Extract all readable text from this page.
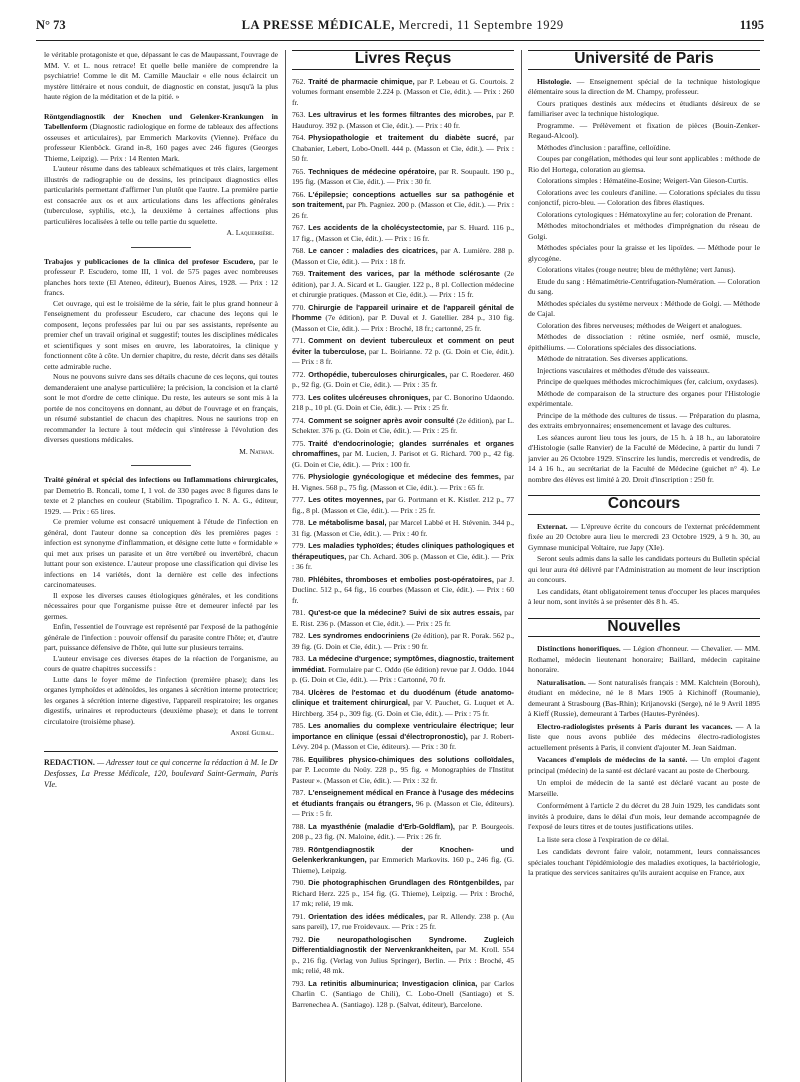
N° 73	LA PRESSE MÉDICALE, Mercredi, 11 Septembre 1929	1195

le véritable protagoniste et que, dépassant le cas de Maupassant, l'ouvrage de MM. V. et L. nous retrace! Et quelle belle manière de comprendre la psychiatrie! Comme le dit M. Camille Mauclair « elle nous éclaircit un mystère littéraire et nous conduit, de diagnostic en constat, jusqu'à la plus haute région de la méditation et de la pitié. »

Röntgendiagnostik der Knochen und Gelenker-Krankungen in Tabellenform (Diagnostic radiologique en forme de tableaux des affections osseuses et articulaires), par Emmerich Markovits (Vienne). Préface du professeur Kienböck. Grand in-8, 160 pages avec 246 figures (Georges Thieme, Leipzig). — Prix : 14 Renten Mark.

L'auteur résume dans des tableaux schématiques et très clairs, largement illustrés de radiographie ou de dessins, les principaux diagnostics elles particularités permettant d'affirmer l'un plutôt que l'autre. La première partie est consacrée aux os et aux articulations dans les affections générales (tuberculose, syphilis, etc.), la deuxième à certaines affections plus particulières localisées à telle ou telle partie du squelette.

A. Laquerrière.

Trabajos y publicaciones de la clinica del profesor Escudero, par le professeur P. Escudero, tome III, 1 vol. de 575 pages avec nombreuses planches hors texte (El Ateneo, éditeur), Buenos Aires, 1928. — Prix : 12 francs.

Cet ouvrage, qui est le troisième de la série, fait le plus grand honneur à l'enseignement du professeur Escudero, car chacune des leçons qui le composent, leçons professées par lui ou par ses assistants, représente au premier chef un travail original et suggestif; toutes les disciplines médicales et scientifiques y sont mises en œuvre, les laboratoires, la clinique y fonctionnent côte à côte. Un dernier chapitre, du reste, décrit dans ses détails cette admirable ruche.

Nous ne pouvons suivre dans ses détails chacune de ces leçons, qui toutes demanderaient une analyse particulière; la précision, la concision et la clarté sont le mot d'ordre de cette clinique. Du reste, les auteurs se sont mis à la portée de nos concitoyens en donnant, au début de l'ouvrage et en français, un résumé substantiel de chacun des chapitres. Nous ne saurions trop en recommander la lecture à tout médecin qui s'intéresse à l'évolution des diverses questions médicales.

M. Nathan.

Traité général et spécial des infections ou Inflammations chirurgicales, par Demetrio B. Roncali, tome I, 1 vol. de 330 pages avec 8 figures dans le texte et 2 planches en couleur (Stabilim. Tipografico I. N. A. G., éditeur, 1929. — Prix : 65 lires.

Ce premier volume est consacré uniquement à l'étude de l'infection en général, dont l'auteur donne sa conception dès les premières pages : infection est synonyme d'inflammation, et désigne cette lutte « formidable » qui met aux prises un parasite et un être vertébré ou invertébré, chacun luttant pour son existence. L'auteur propose une classification qui divise les infections en 14 variétés, dont la dernière est celle des infections carcinomateuses.

Il expose les diverses causes étiologiques générales, et les conditions nécessaires pour que l'organisme puisse être et demeurer infecté par les germes.

Enfin, l'essentiel de l'ouvrage est représenté par l'exposé de la pathogénie générale de l'infection : pouvoir offensif du parasite contre l'hôte; et, d'autre part, puissance défensive de l'hôte, qui lutte sur plusieurs terrains.

L'auteur envisage ces diverses étapes de la réaction de l'organisme, au cours de quatre chapitres successifs :

Lutte dans le foyer même de l'infection (première phase); dans les organes lymphoïdes et adénoïdes, les organes à sécrétion interne protectrice; les organes à sécrétion interne digestive, l'appareil respiratoire; les organes digestifs, urinaires et reproducteurs (deuxième phase); et dans le torrent circulatoire (troisième phase).

André Guibal.
REDACTION. — Adresser tout ce qui concerne la rédaction à M. le Dr Desfosses, La Presse Médicale, 120, boulevard Saint-Germain, Paris VIe.
Livres Reçus

762. Traité de pharmacie chimique, par P. Lebeau et G. Courtois. 2 volumes formant ensemble 2.224 p. (Masson et Cie, édit.). — Prix : 260 fr.

763. Les ultravirus et les formes filtrantes des microbes, par P. Hauduroy. 392 p. (Masson et Cie, édit.). — Prix : 40 fr.

764. Physiopathologie et traitement du diabète sucré, par Chabanier, Lebert, Lobo-Onell. 444 p. (Masson et Cie, édit.). — Prix : 50 fr.

765. Techniques de médecine opératoire, par R. Soupault. 190 p., 195 fig. (Masson et Cie, édit.). — Prix : 30 fr.

766. L'épilepsie; conceptions actuelles sur sa pathogénie et son traitement, par Ph. Pagniez. 200 p. (Masson et Cie, édit.). — Prix : 26 fr.

767. Les accidents de la cholécystectomie, par S. Huard. 116 p., 17 fig., (Masson et Cie, édit.). — Prix : 16 fr.

768. Le cancer : maladies des cicatrices, par A. Lumière. 288 p. (Masson et Cie, édit.). — Prix : 18 fr.

769. Traitement des varices, par la méthode sclérosante (2e édition), par J. A. Sicard et L. Gaugier. 122 p., 8 pl. Collection médecine et chirurgie pratiques. (Masson et Cie, édit.). — Prix : 15 fr.

770. Chirurgie de l'appareil urinaire et de l'appareil génital de l'homme (7e édition), par P. Duval et J. Gatellier. 284 p., 310 fig. (Masson et Cie, édit.). — Prix : Broché, 18 fr.; cartonné, 25 fr.

771. Comment on devient tuberculeux et comment on peut éviter la tuberculose, par L. Boirianne. 72 p. (G. Doin et Cie, édit.). — Prix : 8 fr.

772. Orthopédie, tuberculoses chirurgicales, par C. Roederer. 460 p., 92 fig. (G. Doin et Cie, édit.). — Prix : 35 fr.

773. Les colites ulcéreuses chroniques, par C. Bonorino Udaondo. 218 p., 10 pl. (G. Doin et Cie, édit.). — Prix : 25 fr.

774. Comment se soigner après avoir consulté (2e édition), par L. Schekter. 376 p. (G. Doin et Cie, édit.). — Prix : 25 fr.

775. Traité d'endocrinologie; glandes surrénales et organes chromaffines, par M. Lucien, J. Parisot et G. Richard. 700 p., 42 fig. (G. Doin et Cie, édit.). — Prix : 100 fr.

776. Physiologie gynécologique et médecine des femmes, par H. Vignes. 568 p., 75 fig. (Masson et Cie, édit.). — Prix : 65 fr.

777. Les otites moyennes, par G. Portmann et K. Kistler. 212 p., 77 fig., 8 pl. (Masson et Cie, édit.). — Prix : 25 fr.

778. Le métabolisme basal, par Marcel Labbé et H. Stévenin. 344 p., 31 fig. (Masson et Cie, édit.). — Prix : 40 fr.

779. Les maladies typhoïdes; études cliniques pathologiques et thérapeutiques, par Ch. Achard. 306 p. (Masson et Cie, édit.). — Prix : 36 fr.

780. Phlébites, thromboses et embolies post-opératoires, par J. Duclinc. 512 p., 64 fig., 16 courbes (Masson et Cie, édit.). — Prix : 60 fr.

781. Qu'est-ce que la médecine? Suivi de six autres essais, par E. Rist. 236 p. (Masson et Cie, édit.). — Prix : 25 fr.

782. Les syndromes endocriniens (2e édition), par R. Porak. 562 p., 39 fig. (G. Doin et Cie, édit.). — Prix : 90 fr.

783. La médecine d'urgence; symptômes, diagnostic, traitement immédiat. Formulaire par C. Oddo (6e édition) revue par J. Oddo. 1044 p. (G. Doin et Cie, édit.). — Prix : Cartonné, 70 fr.

784. Ulcères de l'estomac et du duodénum (étude anatomo-clinique et traitement chirurgical, par V. Pauchet, G. Luquet et A. Hirchberg. 354 p., 309 fig. (G. Doin et Cie, édit.). — Prix : 75 fr.

785. Les anomalies du complexe ventriculaire électrique; leur importance en clinique (essai d'électropronostic), par J. Robert-Lévy. 204 p. (Masson et Cie, éditeurs). — Prix : 30 fr.

786. Equilibres physico-chimiques des solutions colloïdales, par P. Lecomte du Noüy. 228 p., 95 fig. « Monographies de l'Institut Pasteur ». (Masson et Cie, édit.). — Prix : 32 fr.

787. L'enseignement médical en France à l'usage des médecins et étudiants français ou étrangers, 96 p. (Masson et Cie, éditeurs). — Prix : 5 fr.

788. La myasthénie (maladie d'Erb-Goldflam), par P. Bourgeois. 208 p., 23 fig. (N. Maloine, édit.). — Prix : 26 fr.

789. Röntgendiagnostik der Knochen- und Gelenkerkrankungen, par Emmerich Markovits. 160 p., 246 fig. (G. Thieme), Leipzig.

790. Die photographischen Grundlagen des Röntgenbildes, par Richard Herz. 225 p., 154 fig. (G. Thieme), Leipzig. — Prix : Broché, 17 mk; relié, 19 mk.

791. Orientation des idées médicales, par R. Allendy. 238 p. (Au sans pareil), 17, rue Froidevaux. — Prix : 25 fr.

792. Die neuropathologischen Syndrome. Zugleich Differentialdiagnostik der Nervenkrankheiten, par M. Kroll. 554 p., 216 fig. (Verlag von Julius Springer), Berlin. — Prix : Broché, 45 mk; relié, 48 mk.

793. La retinitis albuminurica; Investigacion clinica, par Carlos Charlin C. (Santiago de Chili), C. Lobo-Onell (Santiago) et S. Barrenechea A. (Santiago). 128 p. (Salvat, éditeur), Barcelone.

Université de Paris

Histologie. — Enseignement spécial de la technique histologique élémentaire sous la direction de M. Champy, professeur.

Cours pratiques destinés aux médecins et étudiants désireux de se familiariser avec la technique histologique.

Programme. — Prélèvement et fixation de pièces (Bouin-Zenker-Regaud-Alcool).

Méthodes d'inclusion : paraffine, celloïdine.

Coupes par congélation, méthodes qui leur sont applicables : méthode de Rio del Hortega, coloration au giemsa.

Colorations simples : Hématéine-Eosine; Weigert-Van Gieson-Curtis.

Colorations avec les couleurs d'aniline. — Colorations spéciales du tissu conjonctif, picro-bleu. — Coloration des fibres élastiques.

Colorations cytologiques : Hématoxyline au fer; coloration de Prenant.

Méthodes mitochondriales et méthodes d'imprégnation du réseau de Golgi.

Méthodes spéciales pour la graisse et les lipoïdes. — Méthode pour le glycogène.

Colorations vitales (rouge neutre; bleu de méthylène; vert Janus).

Etude du sang : Hématimétrie-Centrifugation-Numération. — Coloration du sang.

Méthodes spéciales du système nerveux : Méthode de Golgi. — Méthode de Cajal.

Coloration des fibres nerveuses; méthodes de Weigert et analogues.

Méthodes de dissociation : rétine osmiée, nerf osmié, muscle, épithéliums. — Colorations spéciales des dissociations.

Méthode de nitratation. Ses diverses applications.

Injections vasculaires et méthodes d'étude des vaisseaux.

Principe de quelques méthodes microchimiques (fer, calcium, oxydases).

Méthode de comparaison de la structure des organes pour l'Histologie expérimentale.

Principe de la méthode des cultures de tissus. — Préparation du plasma, des extraits embryonnaires; ensemencement et lavage des cultures.

Les séances auront lieu tous les jours, de 15 h. à 18 h., au laboratoire d'Histologie (salle Ranvier) de la Faculté de Médecine, à partir du lundi 7 janvier au 26 Octobre 1929. S'inscrire les lundis, mercredis et vendredis, de 14 à 16 h., au secrétariat de la Faculté de Médecine (guichet n° 4). Le nombre des élèves est limité à 20. Droit d'inscription : 250 fr.

Concours

Externat. — L'épreuve écrite du concours de l'externat précédemment fixée au 20 Octobre aura lieu le mercredi 23 Octobre 1929, à 9 h. 30, au Gymnase municipal Voltaire, rue Japy (XIe).

Seront seuls admis dans la salle les candidats porteurs du Bulletin spécial qui leur aura été délivré par l'Administration au moment de leur inscription au concours.

Les candidats, étant obligatoirement tenus d'occuper les places marquées à leur nom, sont invités à se présenter dès 8 h. 45.

Nouvelles

Distinctions honorifiques. — Légion d'honneur. — Chevalier. — MM. Rothamel, médecin lieutenant honoraire; Baillard, médecin capitaine honoraire.

Naturalisation. — Sont naturalisés français : MM. Kalchtein (Borouh), étudiant en médecine, né le 8 Mars 1905 à Kichinoff (Roumanie), demeurant à Strasbourg (Bas-Rhin); Krijanovski (Serge), né le 9 Avril 1895 à Kieff (Russie), demeurant à Tarbes (Hautes-Pyrénées).

Electro-radiologistes présents à Paris durant les vacances. — A la liste que nous avons publiée des médecins électro-radiologistes actuellement présents à Paris, il convient d'ajouter M. Jean Saidman.

Vacances d'emplois de médecins de la santé. — Un emploi d'agent principal (médecin) de la santé est déclaré vacant au poste de Cherbourg.

Un emploi de médecin de la santé est déclaré vacant au poste de Marseille.

Conformément à l'article 2 du décret du 28 Juin 1929, les candidats sont invités à produire, dans le délai d'un mois, leur demande accompagnée de l'exposé de leurs titres et de toutes justifications utiles.

La liste sera close à l'expiration de ce délai.

Les candidats devront faire valoir, notamment, leurs connaissances spéciales touchant l'épidémiologie des maladies exotiques, la bactériologie, la pratique des services sanitaires qu'ils auraient acquise en France, aux
